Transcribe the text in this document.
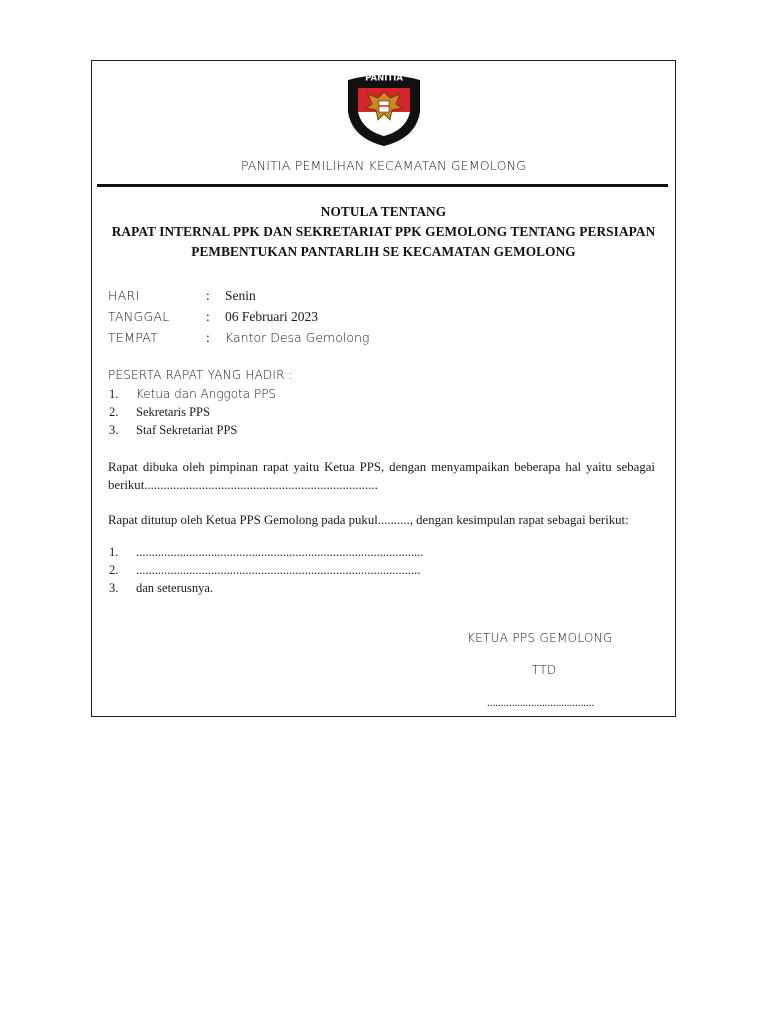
PANITIA
PANITIA PEMILIHAN KECAMATAN GEMOLONG
NOTULA TENTANG
RAPAT INTERNAL PPK DAN SEKRETARIAT PPK GEMOLONG TENTANG PERSIAPAN
PEMBENTUKAN PANTARLIH SE KECAMATAN GEMOLONG
HARI	: Senin
TANGGAL	: 06 Februari 2023
TEMPAT	: Kantor Desa Gemolong
PESERTA RAPAT YANG HADIR :
1. Ketua dan Anggota PPS
2. Sekretaris PPS
3. Staf Sekretariat PPS
Rapat dibuka oleh pimpinan rapat yaitu Ketua PPS, dengan menyampaikan beberapa hal yaitu sebagai berikut.........................................................................
Rapat ditutup oleh Ketua PPS Gemolong pada pukul.........., dengan kesimpulan rapat sebagai berikut:
1. ............................................................................................
2. ...........................................................................................
3. dan seterusnya.
KETUA PPS GEMOLONG
TTD
.......................................
